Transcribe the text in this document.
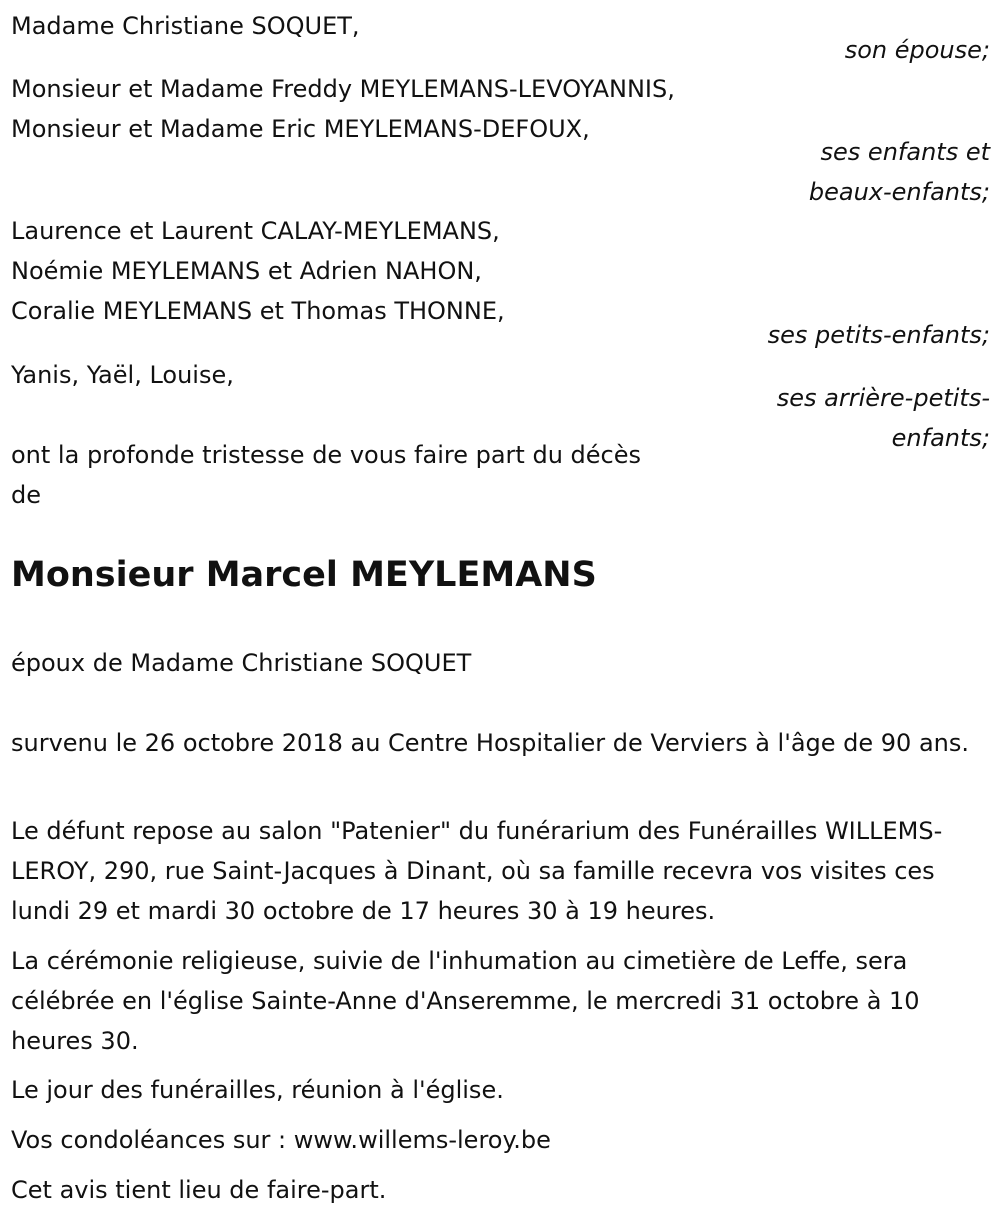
Madame Christiane SOQUET,

son épouse;

Monsieur et Madame Freddy MEYLEMANS-LEVOYANNIS,

Monsieur et Madame Eric MEYLEMANS-DEFOUX,

ses enfants et

beaux-enfants;

Laurence et Laurent CALAY-MEYLEMANS,

Noémie MEYLEMANS et Adrien NAHON,

Coralie MEYLEMANS et Thomas THONNE,

ses petits-enfants;

Yanis, Yaël, Louise,

ses arrière-petits-

enfants;

ont la profonde tristesse de vous faire part du décès

de

Monsieur Marcel MEYLEMANS

époux de Madame Christiane SOQUET

survenu le 26 octobre 2018 au Centre Hospitalier de Verviers à l'âge de 90 ans.

Le défunt repose au salon "Patenier" du funérarium des Funérailles WILLEMS-LEROY, 290, rue Saint-Jacques à Dinant, où sa famille recevra vos visites ces lundi 29 et mardi 30 octobre de 17 heures 30 à 19 heures.

La cérémonie religieuse, suivie de l'inhumation au cimetière de Leffe, sera célébrée en l'église Sainte-Anne d'Anseremme, le mercredi 31 octobre à 10 heures 30.

Le jour des funérailles, réunion à l'église.

Vos condoléances sur : www.willems-leroy.be

Cet avis tient lieu de faire-part.
